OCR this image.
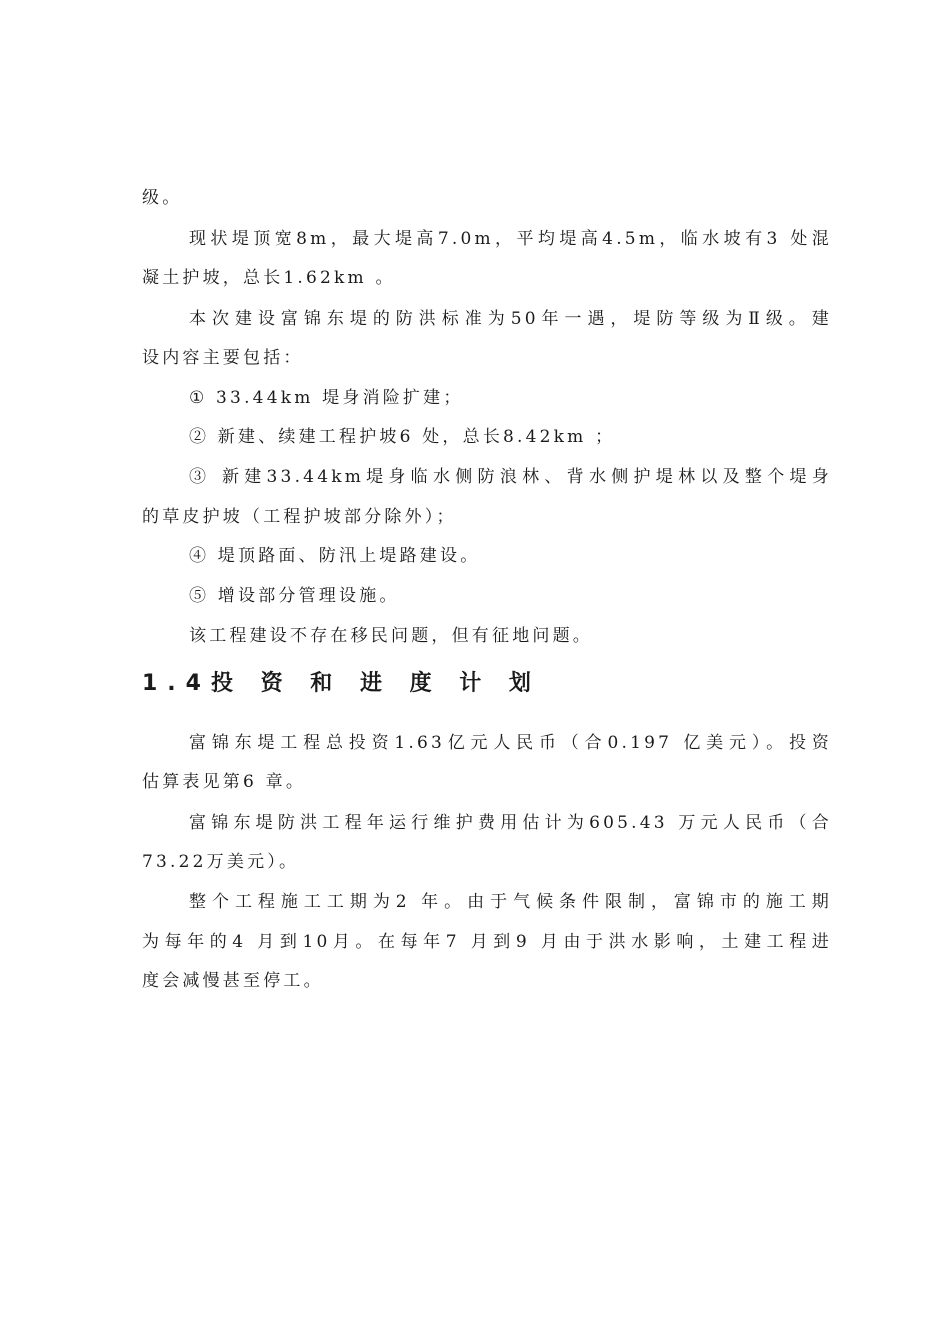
级。
现状堤顶宽8m，最大堤高7.0m，平均堤高4.5m，临水坡有3 处混
凝土护坡，总长1.62km 。
本次建设富锦东堤的防洪标准为50年一遇，堤防等级为Ⅱ级。建
设内容主要包括：
① 33.44km 堤身消险扩建；
② 新建、续建工程护坡6 处，总长8.42km ；
③ 新建33.44km堤身临水侧防浪林、背水侧护堤林以及整个堤身
的草皮护坡（工程护坡部分除外）；
④ 堤顶路面、防汛上堤路建设。
⑤ 增设部分管理设施。
该工程建设不存在移民问题，但有征地问题。
1.4投 资 和 进 度 计 划
富锦东堤工程总投资1.63亿元人民币（合0.197 亿美元）。投资
估算表见第6 章。
富锦东堤防洪工程年运行维护费用估计为605.43 万元人民币（合
73.22万美元）。
整个工程施工工期为2 年。由于气候条件限制，富锦市的施工期
为每年的4 月到10月。在每年7 月到9 月由于洪水影响，土建工程进
度会减慢甚至停工。
